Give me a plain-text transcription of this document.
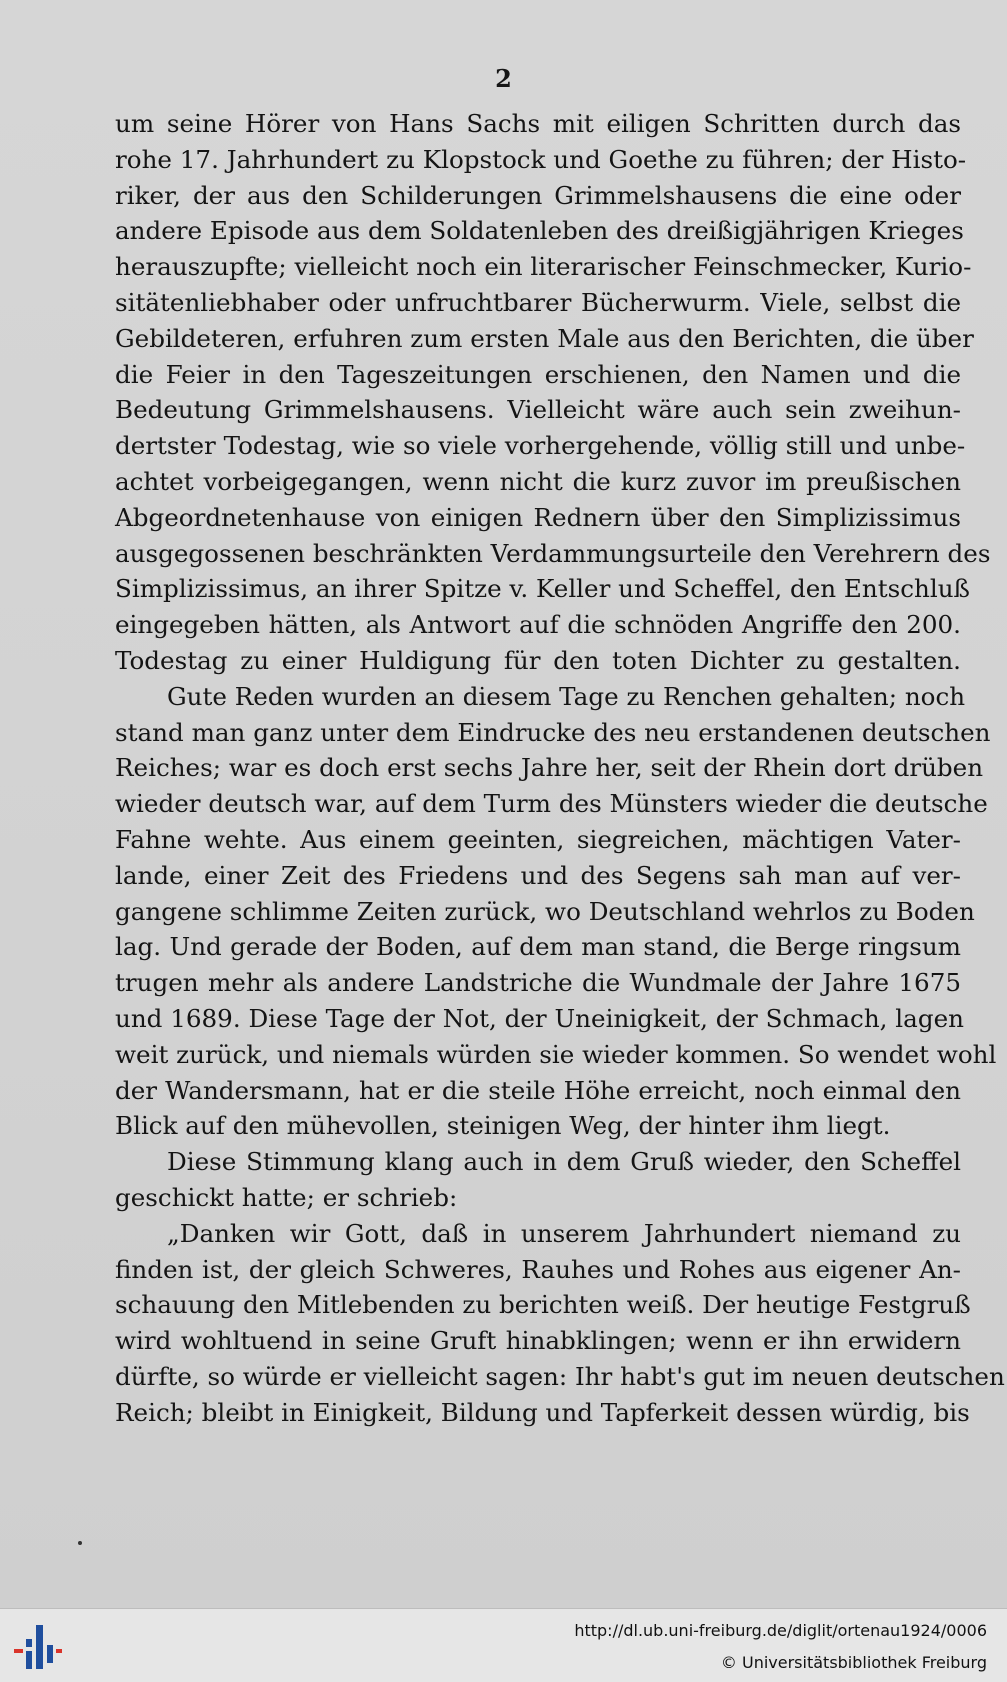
2
um seine Hörer von Hans Sachs mit eiligen Schritten durch das
rohe 17. Jahrhundert zu Klopstock und Goethe zu führen; der Histo-
riker, der aus den Schilderungen Grimmelshausens die eine oder
andere Episode aus dem Soldatenleben des dreißigjährigen Krieges
herauszupfte; vielleicht noch ein literarischer Feinschmecker, Kurio-
sitätenliebhaber oder unfruchtbarer Bücherwurm. Viele, selbst die
Gebildeteren, erfuhren zum ersten Male aus den Berichten, die über
die Feier in den Tageszeitungen erschienen, den Namen und die
Bedeutung Grimmelshausens. Vielleicht wäre auch sein zweihun-
dertster Todestag, wie so viele vorhergehende, völlig still und unbe-
achtet vorbeigegangen, wenn nicht die kurz zuvor im preußischen
Abgeordnetenhause von einigen Rednern über den Simplizissimus
ausgegossenen beschränkten Verdammungsurteile den Verehrern des
Simplizissimus, an ihrer Spitze v. Keller und Scheffel, den Entschluß
eingegeben hätten, als Antwort auf die schnöden Angriffe den 200.
Todestag zu einer Huldigung für den toten Dichter zu gestalten.
Gute Reden wurden an diesem Tage zu Renchen gehalten; noch
stand man ganz unter dem Eindrucke des neu erstandenen deutschen
Reiches; war es doch erst sechs Jahre her, seit der Rhein dort drüben
wieder deutsch war, auf dem Turm des Münsters wieder die deutsche
Fahne wehte. Aus einem geeinten, siegreichen, mächtigen Vater-
lande, einer Zeit des Friedens und des Segens sah man auf ver-
gangene schlimme Zeiten zurück, wo Deutschland wehrlos zu Boden
lag. Und gerade der Boden, auf dem man stand, die Berge ringsum
trugen mehr als andere Landstriche die Wundmale der Jahre 1675
und 1689. Diese Tage der Not, der Uneinigkeit, der Schmach, lagen
weit zurück, und niemals würden sie wieder kommen. So wendet wohl
der Wandersmann, hat er die steile Höhe erreicht, noch einmal den
Blick auf den mühevollen, steinigen Weg, der hinter ihm liegt.
Diese Stimmung klang auch in dem Gruß wieder, den Scheffel
geschickt hatte; er schrieb:
„Danken wir Gott, daß in unserem Jahrhundert niemand zu
finden ist, der gleich Schweres, Rauhes und Rohes aus eigener An-
schauung den Mitlebenden zu berichten weiß. Der heutige Festgruß
wird wohltuend in seine Gruft hinabklingen; wenn er ihn erwidern
dürfte, so würde er vielleicht sagen: Ihr habt's gut im neuen deutschen
Reich; bleibt in Einigkeit, Bildung und Tapferkeit dessen würdig, bis
http://dl.ub.uni-freiburg.de/diglit/ortenau1924/0006
© Universitätsbibliothek Freiburg
